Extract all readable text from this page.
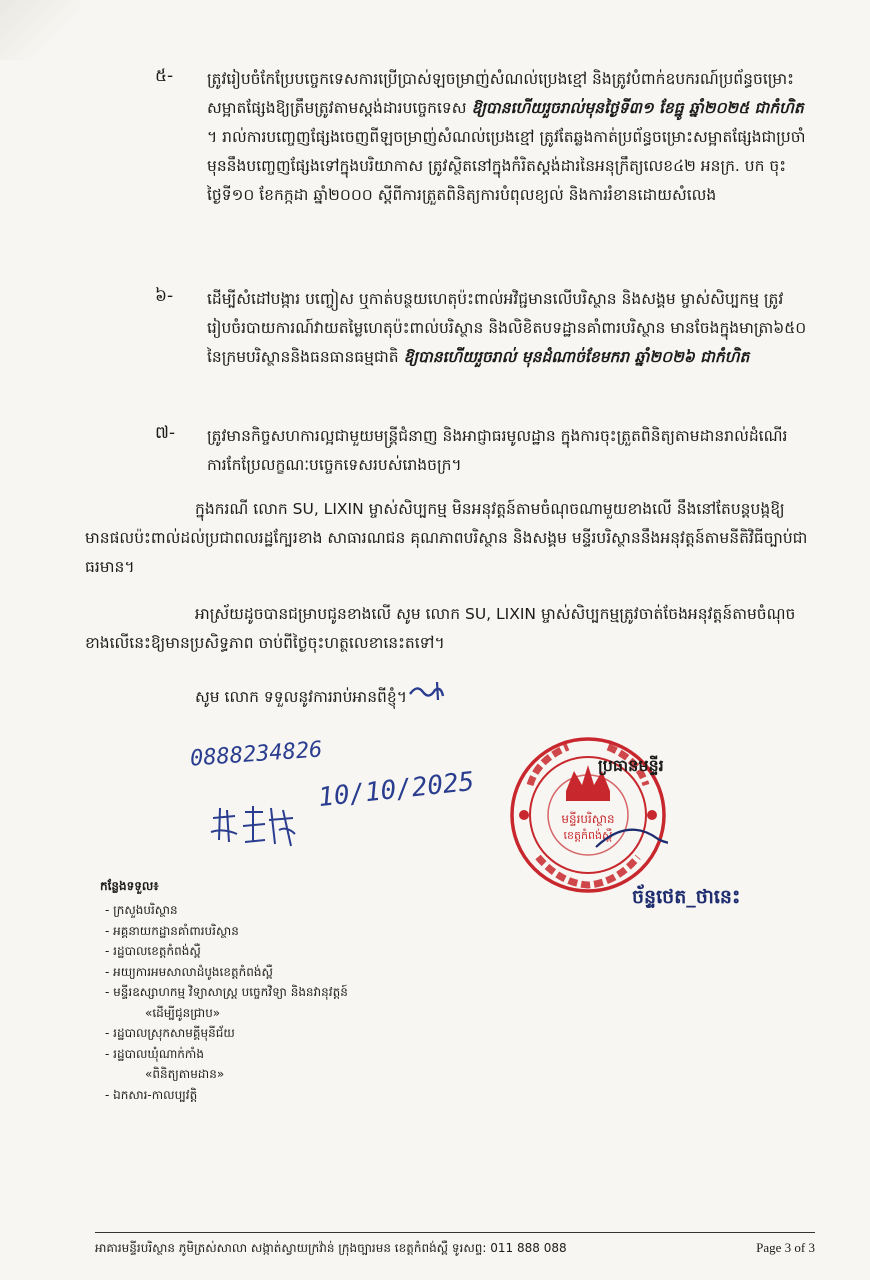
៥-	ត្រូវរៀបចំកែប្រែបច្ចេកទេសការប្រើប្រាស់ឡចម្រាញ់សំណល់ប្រេងខ្មៅ និងត្រូវបំពាក់ឧបករណ៍ប្រព័ន្ធចម្រោះសម្អាតផ្សែងឱ្យត្រឹមត្រូវតាមស្តង់ដារបច្ចេកទេស ឱ្យបានហើយរួចរាល់មុនថ្ងៃទី៣១ ខែធ្នូ ឆ្នាំ២០២៥ ជាកំហិត ។ រាល់ការបញ្ចេញផ្សែងចេញពីឡចម្រាញ់សំណល់ប្រេងខ្មៅ ត្រូវតែឆ្លងកាត់ប្រព័ន្ធចម្រោះសម្អាតផ្សែងជាប្រចាំ មុននឹងបញ្ចេញផ្សែងទៅក្នុងបរិយាកាស ត្រូវស្ថិតនៅក្នុងកំរិតស្តង់ដារនៃអនុក្រឹត្យលេខ៤២ អនក្រ. បក ចុះថ្ងៃទី១០ ខែកក្កដា ឆ្នាំ២០០០ ស្តីពីការត្រួតពិនិត្យការបំពុលខ្យល់ និងការរំខានដោយសំលេង
៦-	ដើម្បីសំដៅបង្ការ បញ្ចៀស ឬកាត់បន្ថយហេតុប៉ះពាល់អវិជ្ជមានលើបរិស្ថាន និងសង្គម ម្ចាស់សិប្បកម្ម ត្រូវរៀបចំរបាយការណ៍វាយតម្លៃហេតុប៉ះពាល់បរិស្ថាន និងលិខិតបទដ្ឋានគាំពារបរិស្ថាន មានចែងក្នុងមាត្រា៦៥០ នៃក្រមបរិស្ថាននិងធនធានធម្មជាតិ ឱ្យបានហើយរួចរាល់ មុនដំណាច់ខែមករា ឆ្នាំ២០២៦ ជាកំហិត
៧-	ត្រូវមានកិច្ចសហការល្អជាមួយមន្ត្រីជំនាញ និងអាជ្ញាធរមូលដ្ឋាន ក្នុងការចុះត្រួតពិនិត្យតាមដានរាល់ដំណើរការកែប្រែលក្ខណៈបច្ចេកទេសរបស់រោងចក្រ។
ក្នុងករណី លោក SU, LIXIN ម្ចាស់សិប្បកម្ម មិនអនុវត្តន៍តាមចំណុចណាមួយខាងលើ នឹងនៅតែបន្តបង្កឱ្យមានផលប៉ះពាល់ដល់ប្រជាពលរដ្ឋក្បែរខាង សាធារណជន គុណភាពបរិស្ថាន និងសង្គម មន្ទីរបរិស្ថាននឹងអនុវត្តន៍តាមនីតិវិធីច្បាប់ជាធរមាន។
អាស្រ័យដូចបានជម្រាបជូនខាងលើ សូម លោក SU, LIXIN ម្ចាស់សិប្បកម្មត្រូវចាត់ចែងអនុវត្តន៍តាមចំណុចខាងលើនេះឱ្យមានប្រសិទ្ធភាព ចាប់ពីថ្ងៃចុះហត្ថលេខានេះតទៅ។
សូម លោក ទទួលនូវការរាប់អានពីខ្ញុំ។
0888234826
10/10/2025
មន្ទីរបរិស្ថាន
ខេត្តកំពង់ស្ពឺ
ប្រធានមន្ទីរ
ច័ន្ទថេត_ថានេះ
កន្លែងទទួល៖
- ក្រសួងបរិស្ថាន
- អគ្គនាយកដ្ឋានគាំពារបរិស្ថាន
- រដ្ឋបាលខេត្តកំពង់ស្ពឺ
- អយ្យការអមសាលាដំបូងខេត្តកំពង់ស្ពឺ
- មន្ទីរឧស្សាហកម្ម វិទ្យាសាស្រ្ត បច្ចេកវិទ្យា និងនវានុវត្តន៍
«ដើម្បីជូនជ្រាប»
- រដ្ឋបាលស្រុកសាមគ្គីមុនីជ័យ
- រដ្ឋបាលឃុំណាក់កាំង
«ពិនិត្យតាមដាន»
- ឯកសារ-កាលប្បវត្តិ
អាគារមន្ទីរបរិស្ថាន ភូមិត្រស់សាលា សង្កាត់ស្វាយក្រវ៉ាន់ ក្រុងច្បារមន ខេត្តកំពង់ស្ពឺ ទូរសព្ទ: 011 888 088	Page 3 of 3
